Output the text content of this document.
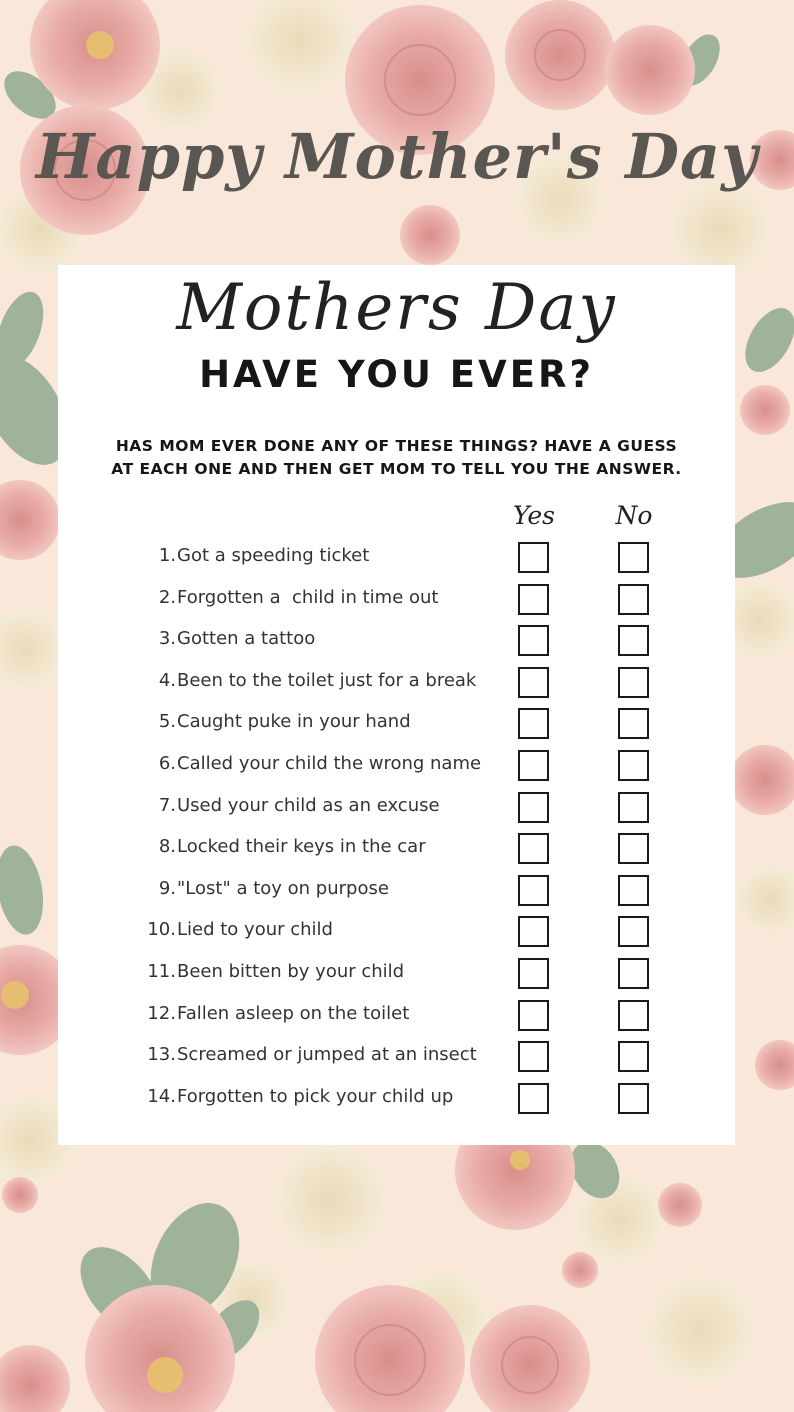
Happy Mother's Day
Mothers Day
HAVE YOU EVER?
HAS MOM EVER DONE ANY OF THESE THINGS? HAVE A GUESS
AT EACH ONE AND THEN GET MOM TO TELL YOU THE ANSWER.
Yes	No
1. Got a speeding ticket
2. Forgotten a  child in time out
3. Gotten a tattoo
4. Been to the toilet just for a break
5. Caught puke in your hand
6. Called your child the wrong name
7. Used your child as an excuse
8. Locked their keys in the car
9. "Lost" a toy on purpose
10. Lied to your child
11. Been bitten by your child
12. Fallen asleep on the toilet
13. Screamed or jumped at an insect
14. Forgotten to pick your child up
